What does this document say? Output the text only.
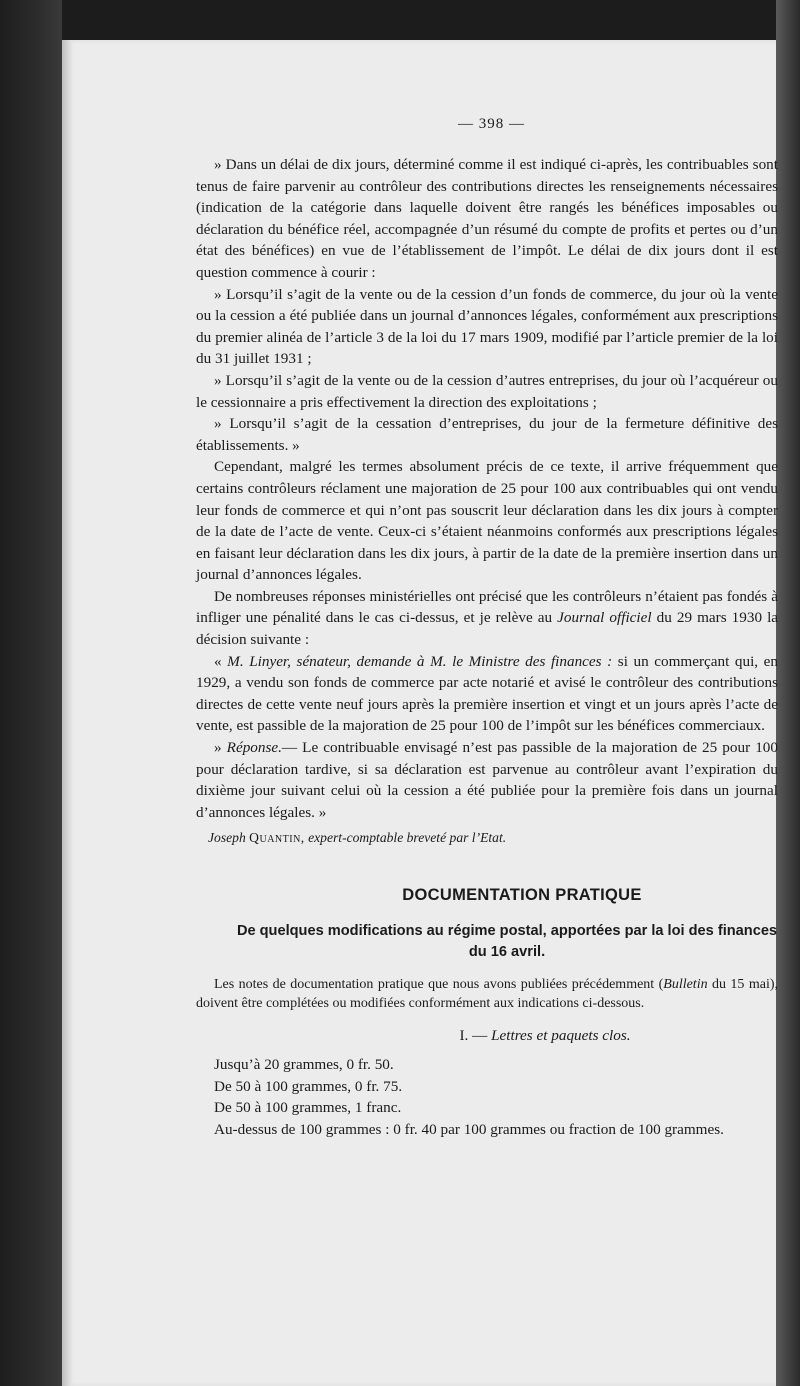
— 398 —

» Dans un délai de dix jours, déterminé comme il est indiqué ci-après, les contribuables sont tenus de faire parvenir au contrôleur des contributions directes les renseignements nécessaires (indication de la catégorie dans laquelle doivent être rangés les bénéfices imposables ou déclaration du bénéfice réel, accompagnée d’un résumé du compte de profits et pertes ou d’un état des bénéfices) en vue de l’établissement de l’impôt. Le délai de dix jours dont il est question commence à courir :

» Lorsqu’il s’agit de la vente ou de la cession d’un fonds de commerce, du jour où la vente ou la cession a été publiée dans un journal d’annonces légales, conformément aux prescriptions du premier alinéa de l’article 3 de la loi du 17 mars 1909, modifié par l’article premier de la loi du 31 juillet 1931 ;

» Lorsqu’il s’agit de la vente ou de la cession d’autres entreprises, du jour où l’acquéreur ou le cessionnaire a pris effectivement la direction des exploitations ;

» Lorsqu’il s’agit de la cessation d’entreprises, du jour de la fermeture définitive des établissements. »

Cependant, malgré les termes absolument précis de ce texte, il arrive fréquemment que certains contrôleurs réclament une majoration de 25 pour 100 aux contribuables qui ont vendu leur fonds de commerce et qui n’ont pas souscrit leur déclaration dans les dix jours à compter de la date de l’acte de vente. Ceux-ci s’étaient néanmoins conformés aux prescriptions légales en faisant leur déclaration dans les dix jours, à partir de la date de la première insertion dans un journal d’annonces légales.

De nombreuses réponses ministérielles ont précisé que les contrôleurs n’étaient pas fondés à infliger une pénalité dans le cas ci-dessus, et je relève au Journal officiel du 29 mars 1930 la décision suivante :

« M. Linyer, sénateur, demande à M. le Ministre des finances : si un commerçant qui, en 1929, a vendu son fonds de commerce par acte notarié et avisé le contrôleur des contributions directes de cette vente neuf jours après la première insertion et vingt et un jours après l’acte de vente, est passible de la majoration de 25 pour 100 de l’impôt sur les bénéfices commerciaux.

» Réponse.— Le contribuable envisagé n’est pas passible de la majoration de 25 pour 100 pour déclaration tardive, si sa déclaration est parvenue au contrôleur avant l’expiration du dixième jour suivant celui où la cession a été publiée pour la première fois dans un journal d’annonces légales. »

Joseph Quantin, expert-comptable breveté par l’Etat.

DOCUMENTATION PRATIQUE
De quelques modifications au régime postal, apportées par la loi des finances du 16 avril.

Les notes de documentation pratique que nous avons publiées précédemment (Bulletin du 15 mai), doivent être complétées ou modifiées conformément aux indications ci-dessous.

I. — Lettres et paquets clos.

Jusqu’à 20 grammes, 0 fr. 50.

De 50 à 100 grammes, 0 fr. 75.

De 50 à 100 grammes, 1 franc.

Au-dessus de 100 grammes : 0 fr. 40 par 100 grammes ou fraction de 100 grammes.
